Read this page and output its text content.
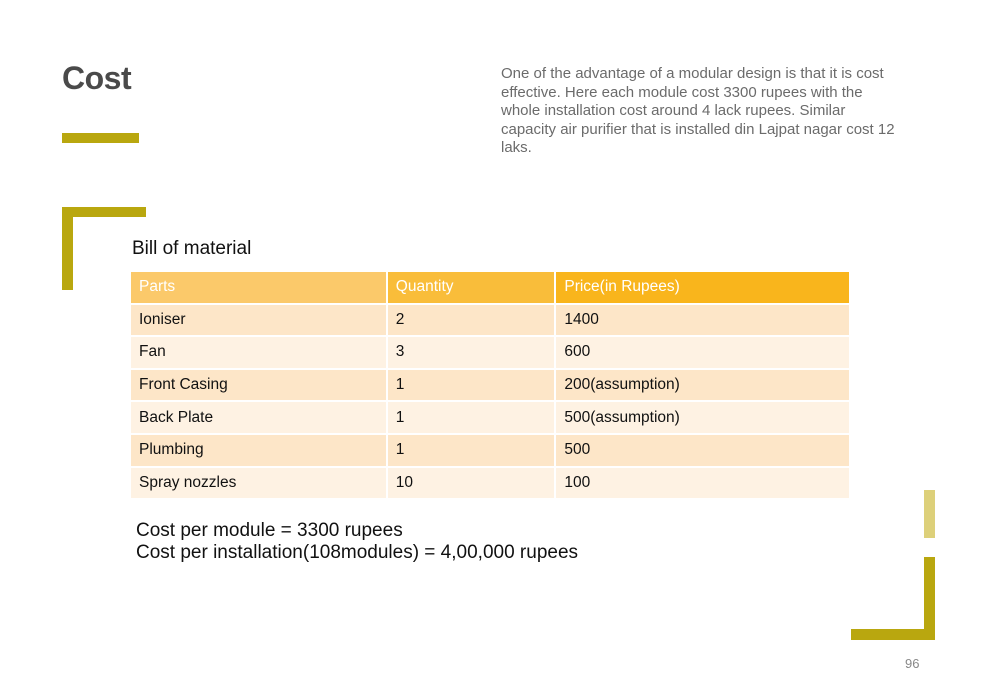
Cost	One of the advantage of a modular design is that it is cost effective. Here each module cost 3300 rupees with the whole installation cost around 4 lack rupees. Similar capacity air purifier that is installed din Lajpat nagar cost 12 laks.
Bill of material
Parts	Quantity	Price(in Rupees)
Ioniser	2	1400
Fan	3	600
Front Casing	1	200(assumption)
Back Plate	1	500(assumption)
Plumbing	1	500
Spray nozzles	10	100
Cost per module = 3300 rupees
Cost per installation(108modules) = 4,00,000 rupees
96
